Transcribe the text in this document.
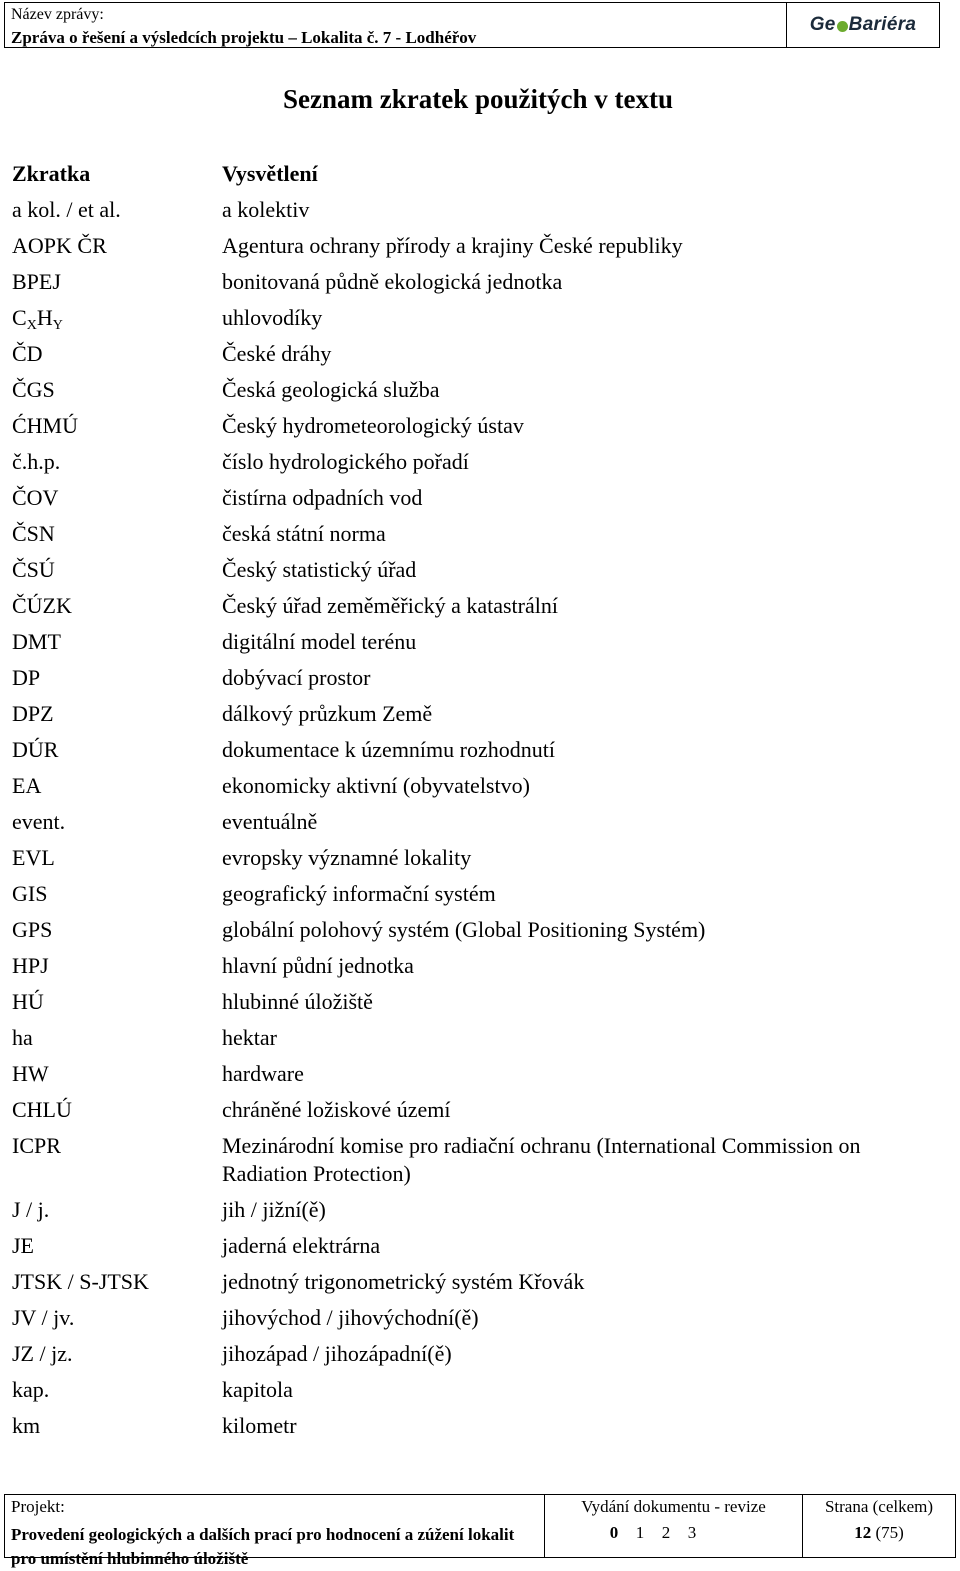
Název zprávy:
Zpráva o řešení a výsledcích projektu – Lokalita č. 7 - Lodhéřov
Ge Bariéra
Seznam zkratek použitých v textu
Zkratka	Vysvětlení
a kol. / et al.	a kolektiv
AOPK ČR	Agentura ochrany přírody a krajiny České republiky
BPEJ	bonitovaná půdně ekologická jednotka
$C_XH_Y$	uhlovodíky
ČD	České dráhy
ČGS	Česká geologická služba
ĆHMÚ	Český hydrometeorologický ústav
č.h.p.	číslo hydrologického pořadí
ČOV	čistírna odpadních vod
ČSN	česká státní norma
ČSÚ	Český statistický úřad
ČÚZK	Český úřad zeměměřický a katastrální
DMT	digitální model terénu
DP	dobývací prostor
DPZ	dálkový průzkum Země
DÚR	dokumentace k územnímu rozhodnutí
EA	ekonomicky aktivní (obyvatelstvo)
event.	eventuálně
EVL	evropsky významné lokality
GIS	geografický informační systém
GPS	globální polohový systém (Global Positioning Systém)
HPJ	hlavní půdní jednotka
HÚ	hlubinné úložiště
ha	hektar
HW	hardware
CHLÚ	chráněné ložiskové území
ICPR	Mezinárodní komise pro radiační ochranu (International Commission on Radiation Protection)
J / j.	jih / jižní(ě)
JE	jaderná elektrárna
JTSK / S-JTSK	jednotný trigonometrický systém Křovák
JV / jv.	jihovýchod / jihovýchodní(ě)
JZ / jz.	jihozápad / jihozápadní(ě)
kap.	kapitola
km	kilometr
Projekt:
Provedení geologických a dalších prací pro hodnocení a zúžení lokalit pro umístění hlubinného úložiště
Vydání dokumentu - revize
0	1	2	3
Strana (celkem)
12 (75)
